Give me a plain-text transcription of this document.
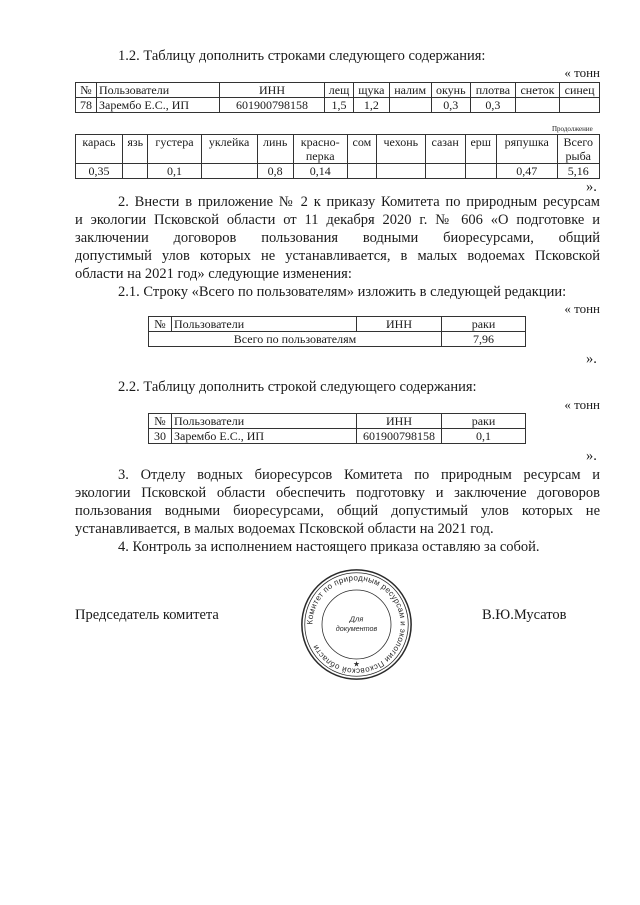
1.2. Таблицу дополнить строками следующего содержания:
« тонн
№	Пользователи	ИНН	лещ	щука	налим	окунь	плотва	снеток	синец
78	Зарембо Е.С., ИП	601900798158	1,5	1,2		0,3	0,3		
Продолжение
карась	язь	густера	уклейка	линь	красно-
перка	сом	чехонь	сазан	ерш	ряпушка	Всего
рыба
0,35		0,1		0,8	0,14					0,47	5,16
».
2. Внести в приложение № 2 к приказу Комитета по природным ресурсам
и экологии Псковской области от 11 декабря 2020 г. № 606 «О подготовке и
заключении договоров пользования водными биоресурсами, общий
допустимый улов которых не устанавливается, в малых водоемах Псковской
области на 2021 год» следующие изменения:
2.1. Строку «Всего по пользователям» изложить в следующей редакции:
« тонн
№	Пользователи	ИНН	раки
Всего по пользователям			7,96
».
2.2. Таблицу дополнить строкой следующего содержания:
« тонн
№	Пользователи	ИНН	раки
30	Зарембо Е.С., ИП	601900798158	0,1
».
3. Отделу водных биоресурсов Комитета по природным ресурсам и
экологии Псковской области обеспечить подготовку и заключение договоров
пользования водными биоресурсами, общий допустимый улов которых не
устанавливается, в малых водоемах Псковской области на 2021 год.
4. Контроль за исполнением настоящего приказа оставляю за собой.
Председатель комитета	В.Ю.Мусатов
Комитет по природным ресурсам и экологии Псковской области
Для
документов
★
